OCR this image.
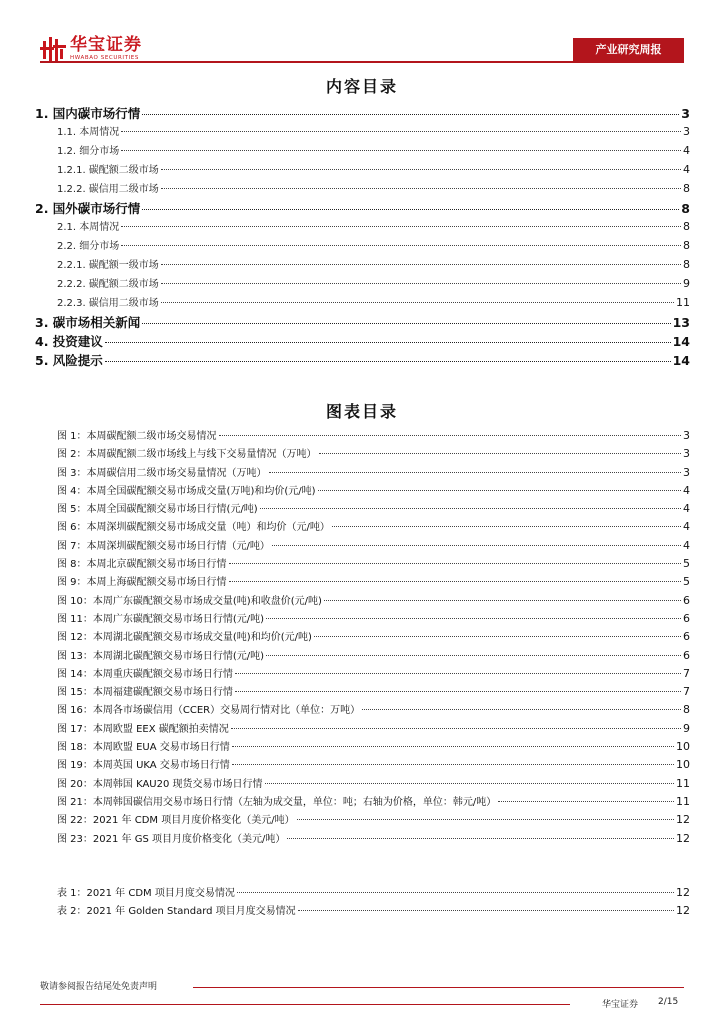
华宝证券
HWABAO SECURITIES
产业研究周报
内容目录
1. 国内碳市场行情	3
1.1. 本周情况	3
1.2. 细分市场	4
1.2.1. 碳配额二级市场	4
1.2.2. 碳信用二级市场	8
2. 国外碳市场行情	8
2.1. 本周情况	8
2.2. 细分市场	8
2.2.1. 碳配额一级市场	8
2.2.2. 碳配额二级市场	9
2.2.3. 碳信用二级市场	11
3. 碳市场相关新闻	13
4. 投资建议	14
5. 风险提示	14
图表目录
图 1：本周碳配额二级市场交易情况	3
图 2：本周碳配额二级市场线上与线下交易量情况（万吨）	3
图 3：本周碳信用二级市场交易量情况（万吨）	3
图 4：本周全国碳配额交易市场成交量(万吨)和均价(元/吨)	4
图 5：本周全国碳配额交易市场日行情(元/吨)	4
图 6：本周深圳碳配额交易市场成交量（吨）和均价（元/吨）	4
图 7：本周深圳碳配额交易市场日行情（元/吨）	4
图 8：本周北京碳配额交易市场日行情	5
图 9：本周上海碳配额交易市场日行情	5
图 10：本周广东碳配额交易市场成交量(吨)和收盘价(元/吨)	6
图 11：本周广东碳配额交易市场日行情(元/吨)	6
图 12：本周湖北碳配额交易市场成交量(吨)和均价(元/吨)	6
图 13：本周湖北碳配额交易市场日行情(元/吨)	6
图 14：本周重庆碳配额交易市场日行情	7
图 15：本周福建碳配额交易市场日行情	7
图 16：本周各市场碳信用（CCER）交易周行情对比（单位：万吨）	8
图 17：本周欧盟 EEX 碳配额拍卖情况	9
图 18：本周欧盟 EUA 交易市场日行情	10
图 19：本周英国 UKA 交易市场日行情	10
图 20：本周韩国 KAU20 现货交易市场日行情	11
图 21：本周韩国碳信用交易市场日行情（左轴为成交量，单位：吨；右轴为价格，单位：韩元/吨）	11
图 22：2021 年 CDM 项目月度价格变化（美元/吨）	12
图 23：2021 年 GS 项目月度价格变化（美元/吨）	12
表 1：2021 年 CDM 项目月度交易情况	12
表 2：2021 年 Golden Standard 项目月度交易情况	12
敬请参阅报告结尾处免责声明
华宝证券 2/15
